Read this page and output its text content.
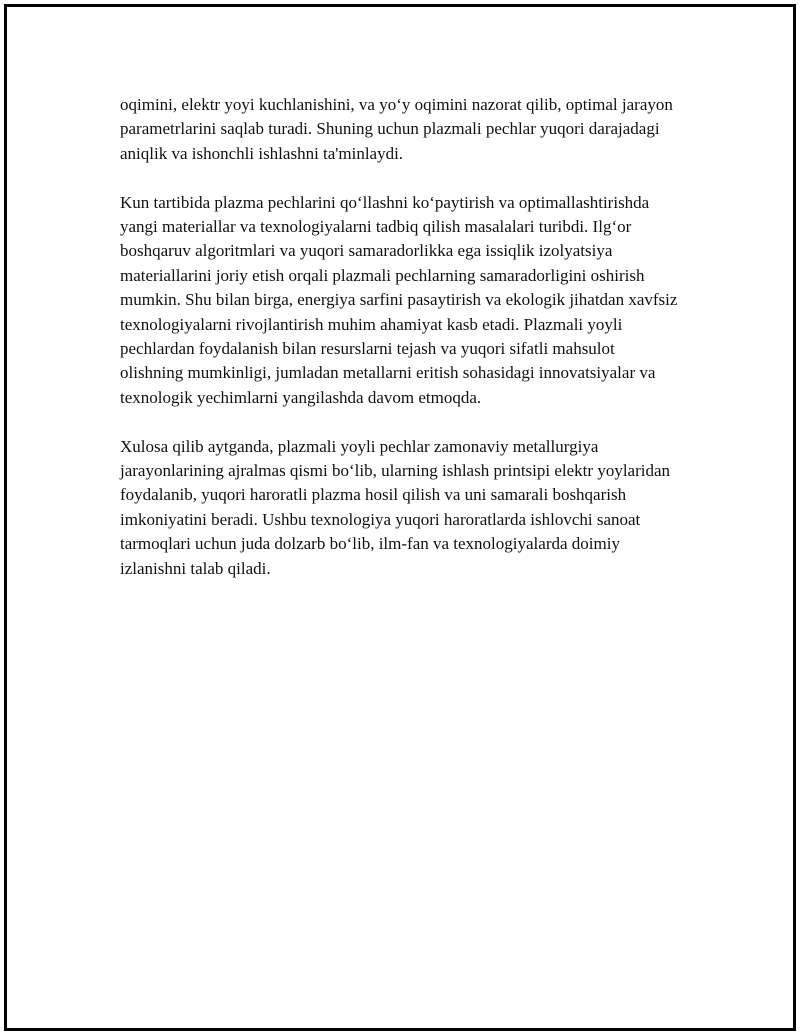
oqimini, elektr yoyi kuchlanishini, va yo‘y oqimini nazorat qilib, optimal jarayon parametrlarini saqlab turadi. Shuning uchun plazmali pechlar yuqori darajadagi aniqlik va ishonchli ishlashni ta'minlaydi.

Kun tartibida plazma pechlarini qo‘llashni ko‘paytirish va optimallashtirishda yangi materiallar va texnologiyalarni tadbiq qilish masalalari turibdi. Ilg‘or boshqaruv algoritmlari va yuqori samaradorlikka ega issiqlik izolyatsiya materiallarini joriy etish orqali plazmali pechlarning samaradorligini oshirish mumkin. Shu bilan birga, energiya sarfini pasaytirish va ekologik jihatdan xavfsiz texnologiyalarni rivojlantirish muhim ahamiyat kasb etadi. Plazmali yoyli pechlardan foydalanish bilan resurslarni tejash va yuqori sifatli mahsulot olishning mumkinligi, jumladan metallarni eritish sohasidagi innovatsiyalar va texnologik yechimlarni yangilashda davom etmoqda.

Xulosa qilib aytganda, plazmali yoyli pechlar zamonaviy metallurgiya jarayonlarining ajralmas qismi bo‘lib, ularning ishlash printsipi elektr yoylaridan foydalanib, yuqori haroratli plazma hosil qilish va uni samarali boshqarish imkoniyatini beradi. Ushbu texnologiya yuqori haroratlarda ishlovchi sanoat tarmoqlari uchun juda dolzarb bo‘lib, ilm-fan va texnologiyalarda doimiy izlanishni talab qiladi.
